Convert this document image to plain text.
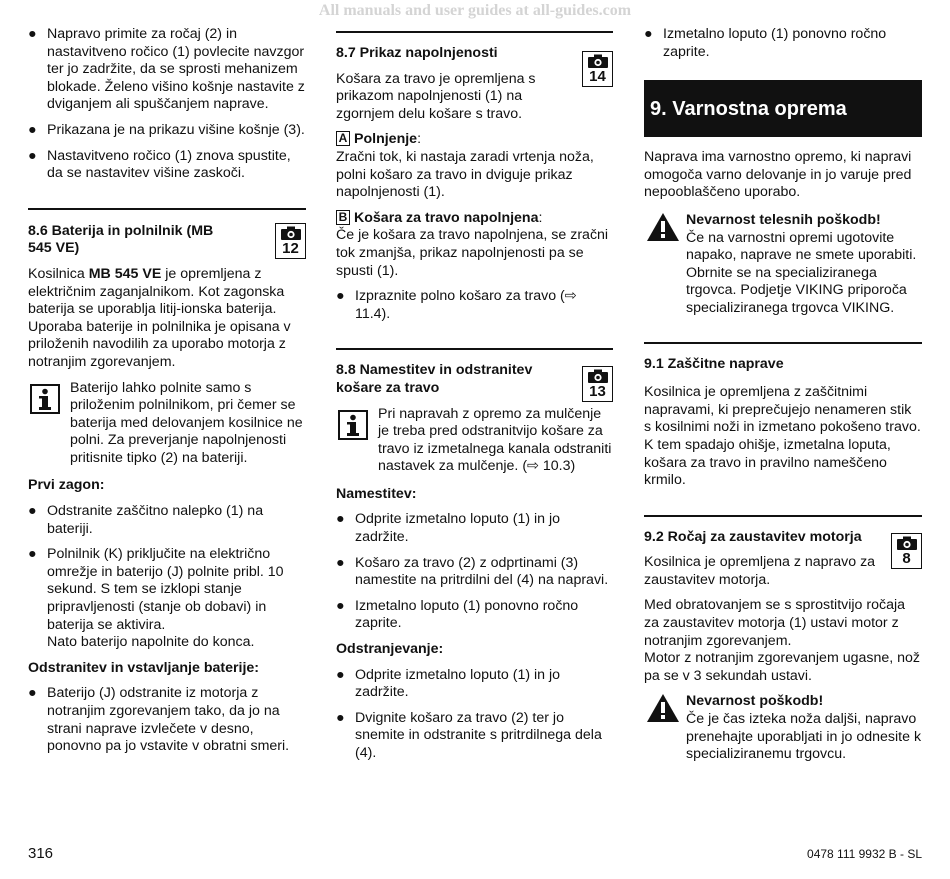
All manuals and user guides at all-guides.com
● Napravo primite za ročaj (2) in nastavitveno ročico (1) povlecite navzgor ter jo zadržite, da se sprosti mehanizem blokade. Želeno višino košnje nastavite z dviganjem ali spuščanjem naprave.
● Prikazana je na prikazu višine košnje (3).
● Nastavitveno ročico (1) znova spustite, da se nastavitev višine zaskoči.
8.6 Baterija in polnilnik (MB 545 VE)	12

Kosilnica MB 545 VE je opremljena z električnim zaganjalnikom. Kot zagonska baterija se uporablja litij-ionska baterija. Uporaba baterije in polnilnika je opisana v priloženih navodilih za uporabo motorja z notranjim zgorevanjem.

Baterijo lahko polnite samo s priloženim polnilnikom, pri čemer se baterija med delovanjem kosilnice ne polni. Za preverjanje napolnjenosti pritisnite tipko (2) na bateriji.
Prvi zagon:
● Odstranite zaščitno nalepko (1) na bateriji.
● Polnilnik (K) priključite na električno omrežje in baterijo (J) polnite pribl. 10 sekund. S tem se izklopi stanje pripravljenosti (stanje ob dobavi) in baterija se aktivira.

Nato baterijo napolnite do konca.

Odstranitev in vstavljanje baterije:
● Baterijo (J) odstranite iz motorja z notranjim zgorevanjem tako, da jo na strani naprave izvlečete v desno, ponovno pa jo vstavite v obratni smeri.
8.7 Prikaz napolnjenosti
14

Košara za travo je opremljena s prikazom napolnjenosti (1) na zgornjem delu košare s travo.

A Polnjenje:

Zračni tok, ki nastaja zaradi vrtenja noža, polni košaro za travo in dviguje prikaz napolnjenosti (1).

B Košara za travo napolnjena:

Če je košara za travo napolnjena, se zračni tok zmanjša, prikaz napolnjenosti pa se spusti (1).

● Izpraznite polno košaro za travo (⇨ 11.4).
8.8 Namestitev in odstranitev košare za travo	13
Pri napravah z opremo za mulčenje je treba pred odstranitvijo košare za travo iz izmetalnega kanala odstraniti nastavek za mulčenje. (⇨ 10.3)
Namestitev:
● Odprite izmetalno loputo (1) in jo zadržite.
● Košaro za travo (2) z odprtinami (3) namestite na pritrdilni del (4) na napravi.
● Izmetalno loputo (1) ponovno ročno zaprite.
Odstranjevanje:
● Odprite izmetalno loputo (1) in jo zadržite.
● Dvignite košaro za travo (2) ter jo snemite in odstranite s pritrdilnega dela (4).
● Izmetalno loputo (1) ponovno ročno zaprite.
9. Varnostna oprema

Naprava ima varnostno opremo, ki napravi omogoča varno delovanje in jo varuje pred nepooblaščeno uporabo.

Nevarnost telesnih poškodb!
Če na varnostni opremi ugotovite napako, naprave ne smete uporabiti. Obrnite se na specializiranega trgovca. Podjetje VIKING priporoča specializiranega trgovca VIKING.
9.1 Zaščitne naprave
Kosilnica je opremljena z zaščitnimi napravami, ki preprečujejo nenameren stik s kosilnimi noži in izmetano pokošeno travo.

K tem spadajo ohišje, izmetalna loputa, košara za travo in pravilno nameščeno krmilo.

9.2 Ročaj za zaustavitev motorja
8

Kosilnica je opremljena z napravo za zaustavitev motorja.

Med obratovanjem se s sprostitvijo ročaja za zaustavitev motorja (1) ustavi motor z notranjim zgorevanjem.

Motor z notranjim zgorevanjem ugasne, nož pa se v 3 sekundah ustavi.

Nevarnost poškodb!
Če je čas izteka noža daljši, napravo prenehajte uporabljati in jo odnesite k specializiranemu trgovcu.
316	0478 111 9932 B - SL
